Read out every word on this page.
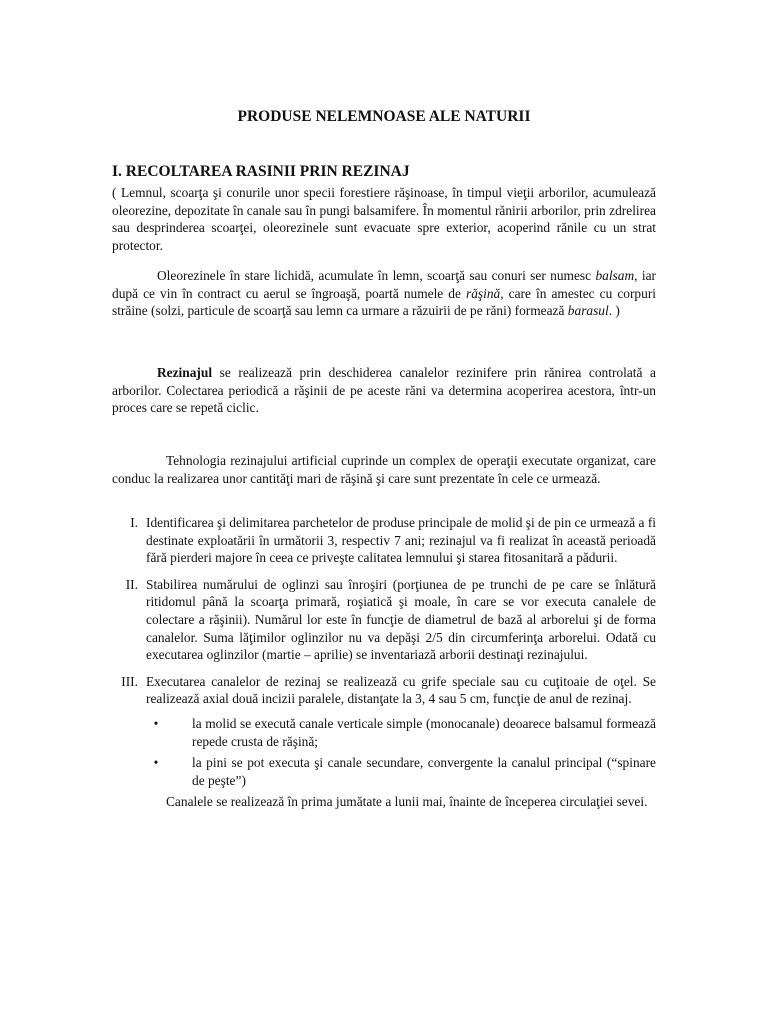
PRODUSE NELEMNOASE ALE NATURII
I. RECOLTAREA RASINII PRIN REZINAJ

( Lemnul, scoarţa şi conurile unor specii forestiere răşinoase, în timpul vieţii arborilor, acumulează oleorezine, depozitate în canale sau în pungi balsamifere. În momentul rănirii arborilor, prin zdrelirea sau desprinderea scoarţei, oleorezinele sunt evacuate spre exterior, acoperind rănile cu un strat protector.

Oleorezinele în stare lichidă, acumulate în lemn, scoarţă sau conuri ser numesc balsam, iar după ce vin în contract cu aerul se îngroaşă, poartă numele de răşină, care în amestec cu corpuri străine (solzi, particule de scoarţă sau lemn ca urmare a răzuirii de pe răni) formează barasul. )

Rezinajul se realizează prin deschiderea canalelor rezinifere prin rănirea controlată a arborilor. Colectarea periodică a răşinii de pe aceste răni va determina acoperirea acestora, într-un proces care se repetă ciclic.

Tehnologia rezinajului artificial cuprinde un complex de operaţii executate organizat, care conduc la realizarea unor cantităţi mari de răşină şi care sunt prezentate în cele ce urmează.

I. Identificarea şi delimitarea parchetelor de produse principale de molid şi de pin ce urmează a fi destinate exploatării în următorii 3, respectiv 7 ani; rezinajul va fi realizat în această perioadă fără pierderi majore în ceea ce priveşte calitatea lemnului şi starea fitosanitară a pădurii.
II. Stabilirea numărului de oglinzi sau înroşiri (porţiunea de pe trunchi de pe care se înlătură ritidomul până la scoarţa primară, roşiatică şi moale, în care se vor executa canalele de colectare a răşinii). Numărul lor este în funcţie de diametrul de bază al arborelui şi de forma canalelor. Suma lăţimilor oglinzilor nu va depăşi 2/5 din circumferinţa arborelui. Odată cu executarea oglinzilor (martie – aprilie) se inventariază arborii destinaţi rezinajului.
III. Executarea canalelor de rezinaj se realizează cu grife speciale sau cu cuţitoaie de oţel. Se realizează axial două incizii paralele, distanţate la 3, 4 sau 5 cm, funcţie de anul de rezinaj.
•	la molid se execută canale verticale simple (monocanale) deoarece balsamul formează repede crusta de răşină;
•	la pini se pot executa şi canale secundare, convergente la canalul principal (“spinare de peşte”)
Canalele se realizează în prima jumătate a lunii mai, înainte de începerea circulaţiei sevei.
